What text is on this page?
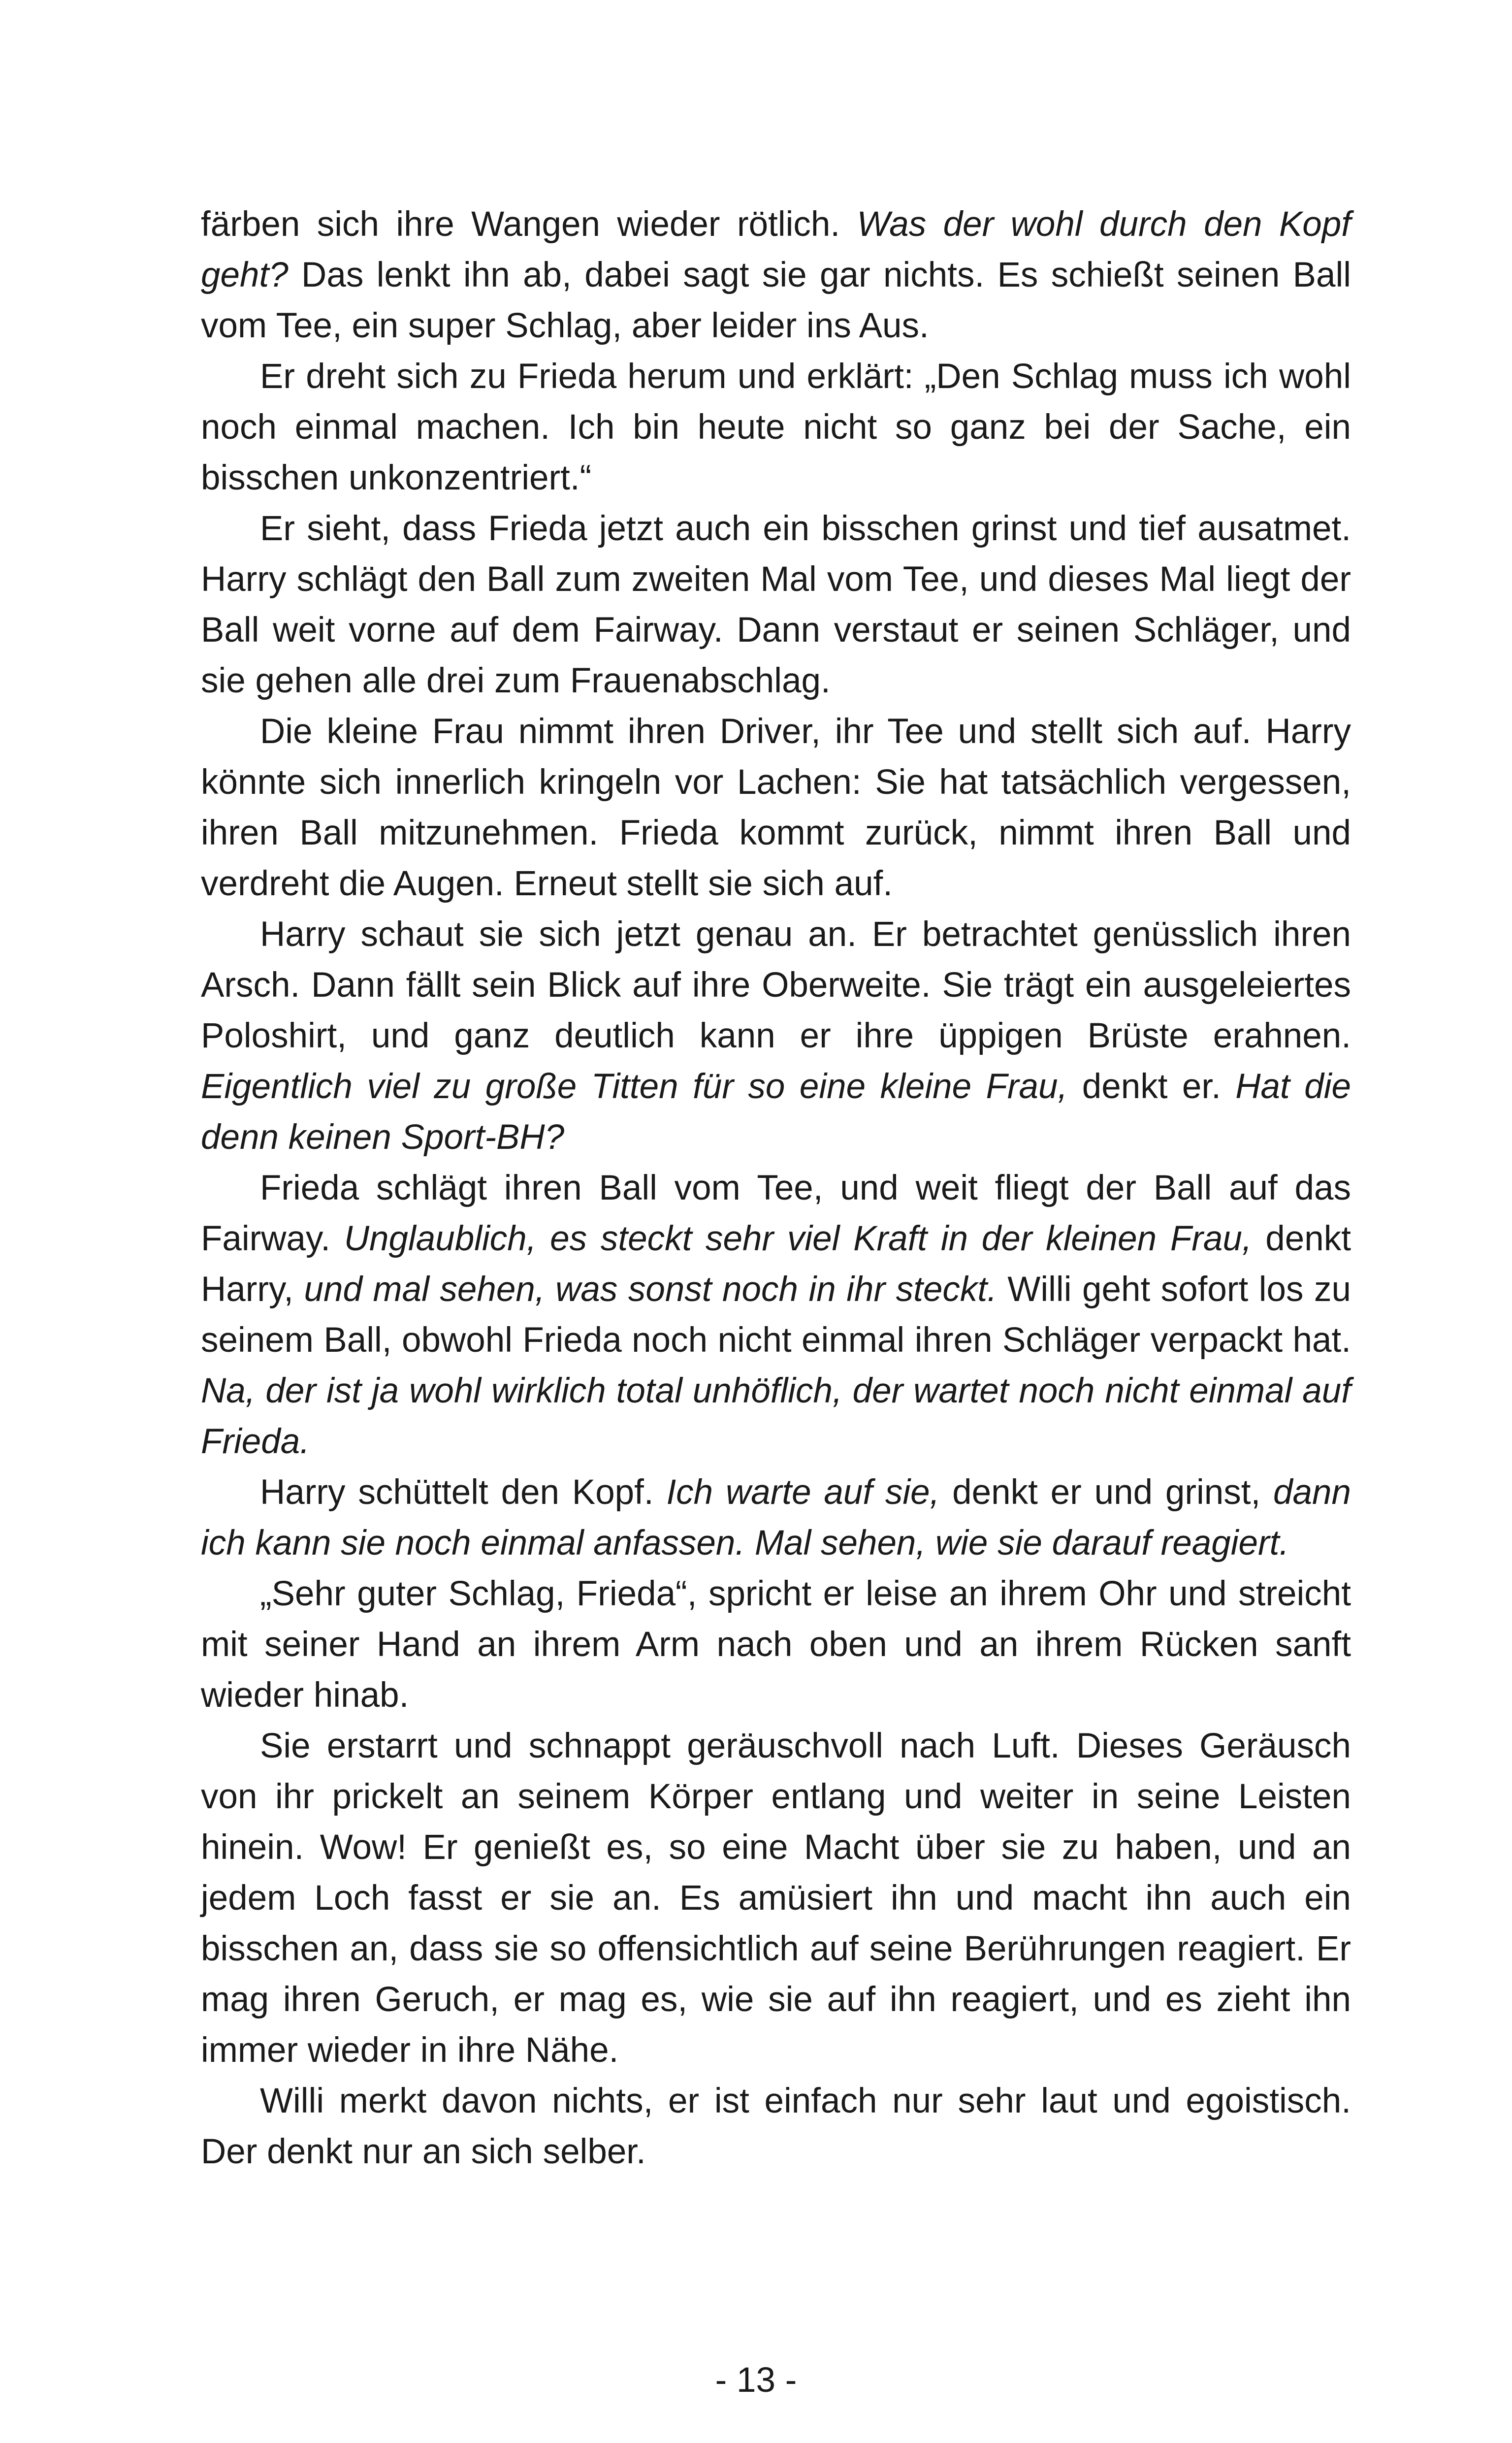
färben sich ihre Wangen wieder rötlich. Was der wohl durch den Kopf geht? Das lenkt ihn ab, dabei sagt sie gar nichts. Es schießt seinen Ball vom Tee, ein super Schlag, aber leider ins Aus.

Er dreht sich zu Frieda herum und erklärt: „Den Schlag muss ich wohl noch einmal machen. Ich bin heute nicht so ganz bei der Sache, ein bisschen unkonzentriert.“

Er sieht, dass Frieda jetzt auch ein bisschen grinst und tief ausatmet. Harry schlägt den Ball zum zweiten Mal vom Tee, und dieses Mal liegt der Ball weit vorne auf dem Fairway. Dann verstaut er seinen Schläger, und sie gehen alle drei zum Frauenabschlag.

Die kleine Frau nimmt ihren Driver, ihr Tee und stellt sich auf. Harry könnte sich innerlich kringeln vor Lachen: Sie hat tatsächlich vergessen, ihren Ball mitzunehmen. Frieda kommt zurück, nimmt ihren Ball und verdreht die Augen. Erneut stellt sie sich auf.

Harry schaut sie sich jetzt genau an. Er betrachtet genüsslich ihren Arsch. Dann fällt sein Blick auf ihre Oberweite. Sie trägt ein ausgeleiertes Poloshirt, und ganz deutlich kann er ihre üppigen Brüste erahnen. Eigentlich viel zu große Titten für so eine kleine Frau, denkt er. Hat die denn keinen Sport-BH?

Frieda schlägt ihren Ball vom Tee, und weit fliegt der Ball auf das Fairway. Unglaublich, es steckt sehr viel Kraft in der kleinen Frau, denkt Harry, und mal sehen, was sonst noch in ihr steckt. Willi geht sofort los zu seinem Ball, obwohl Frieda noch nicht einmal ihren Schläger verpackt hat. Na, der ist ja wohl wirklich total unhöflich, der wartet noch nicht einmal auf Frieda.

Harry schüttelt den Kopf. Ich warte auf sie, denkt er und grinst, dann ich kann sie noch einmal anfassen. Mal sehen, wie sie darauf reagiert.

„Sehr guter Schlag, Frieda“, spricht er leise an ihrem Ohr und streicht mit seiner Hand an ihrem Arm nach oben und an ihrem Rücken sanft wieder hinab.

Sie erstarrt und schnappt geräuschvoll nach Luft. Dieses Geräusch von ihr prickelt an seinem Körper entlang und weiter in seine Leisten hinein. Wow! Er genießt es, so eine Macht über sie zu haben, und an jedem Loch fasst er sie an. Es amüsiert ihn und macht ihn auch ein bisschen an, dass sie so offensichtlich auf seine Berührungen reagiert. Er mag ihren Geruch, er mag es, wie sie auf ihn reagiert, und es zieht ihn immer wieder in ihre Nähe.

Willi merkt davon nichts, er ist einfach nur sehr laut und egoistisch. Der denkt nur an sich selber.

- 13 -
